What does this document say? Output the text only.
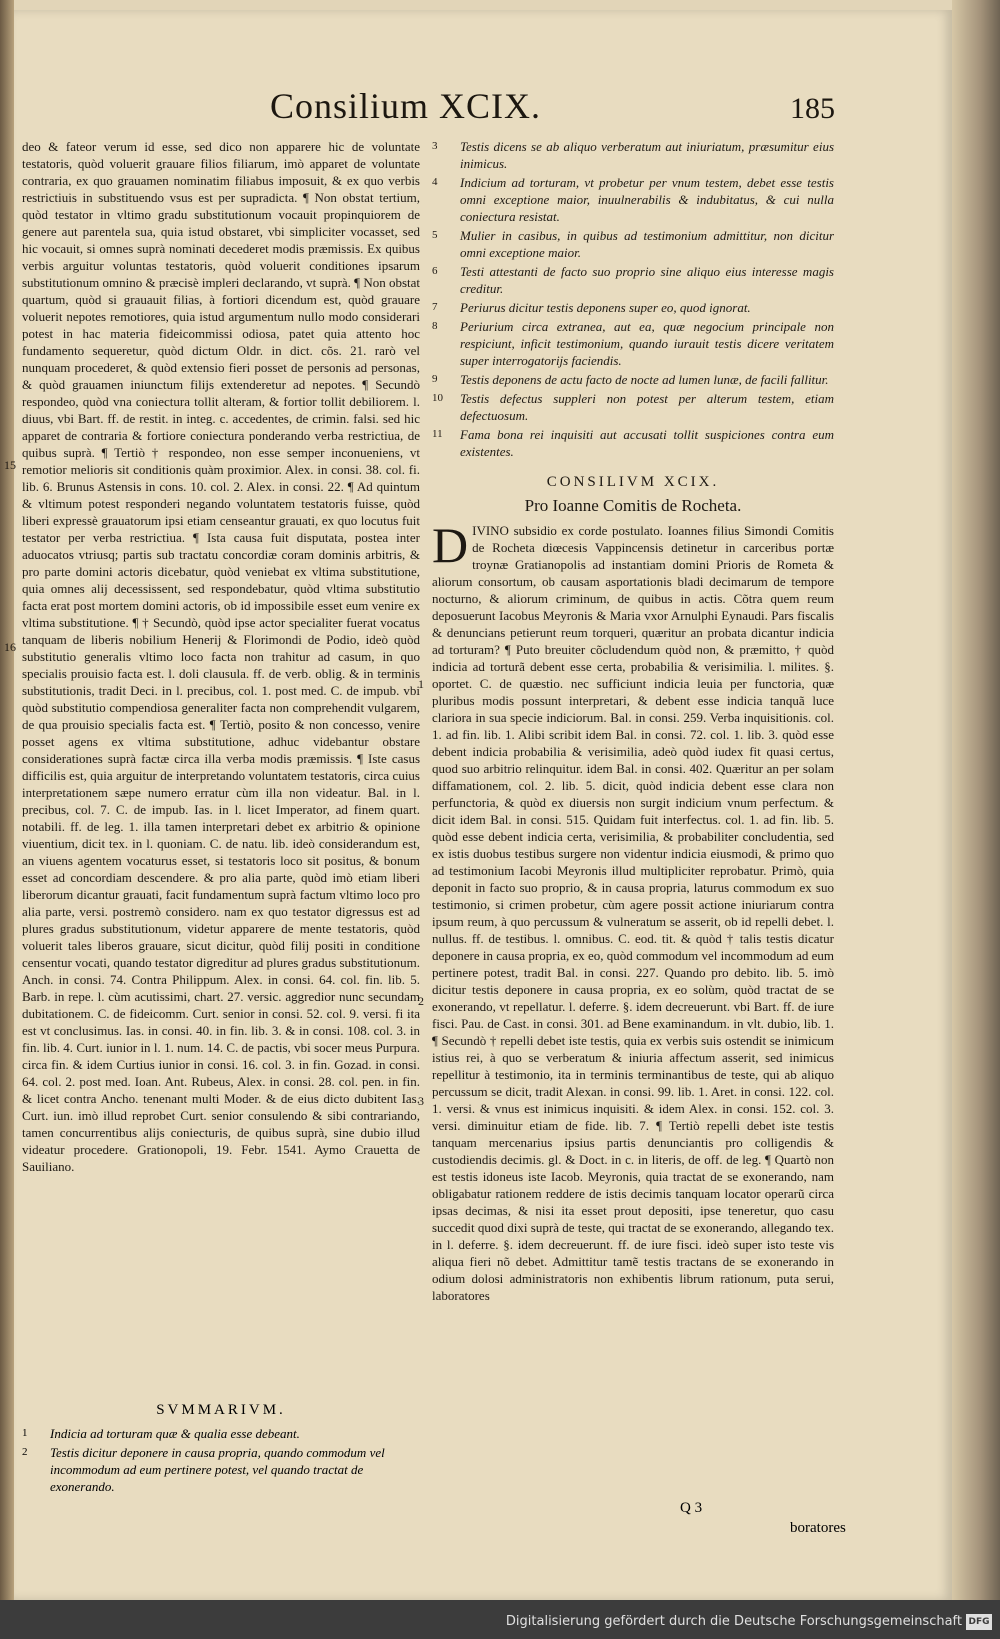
Consilium XCIX.	185

deo & fateor verum id esse, sed dico non apparere hic de voluntate testatoris, quòd voluerit grauare filios filiarum, imò apparet de voluntate contraria, ex quo grauamen nominatim filiabus imposuit, & ex quo verbis restrictiuis in substituendo vsus est per supradicta. ¶ Non obstat tertium, quòd testator in vltimo gradu substitutionum vocauit propinquiorem de genere aut parentela sua, quia istud obstaret, vbi simpliciter vocasset, sed hic vocauit, si omnes suprà nominati decederet modis præmissis. Ex quibus verbis arguitur voluntas testatoris, quòd voluerit conditiones ipsarum substitutionum omnino & præcisè impleri declarando, vt suprà. ¶ Non obstat quartum, quòd si grauauit filias, à fortiori dicendum est, quòd grauare voluerit nepotes remotiores, quia istud argumentum nullo modo considerari potest in hac materia fideicommissi odiosa, patet quia attento hoc fundamento sequeretur, quòd dictum Oldr. in dict. cõs. 21. rarò vel nunquam procederet, & quòd extensio fieri posset de personis ad personas, & quòd grauamen iniunctum filijs extenderetur ad nepotes. ¶ Secundò respondeo, quòd vna coniectura tollit alteram, & fortior tollit debiliorem. l. diuus, vbi Bart. ff. de restit. in integ. c. accedentes, de crimin. falsi. sed hic apparet de contraria & fortiore coniectura ponderando verba restrictiua, de quibus suprà. ¶ Tertiò † respondeo, non esse semper inconueniens, vt remotior melioris sit conditionis quàm proximior. Alex. in consi. 38. col. fi. lib. 6. Brunus Astensis in cons. 10. col. 2. Alex. in consi. 22. ¶ Ad quintum & vltimum potest responderi negando voluntatem testatoris fuisse, quòd liberi expressè grauatorum ipsi etiam censeantur grauati, ex quo locutus fuit testator per verba restrictiua. ¶ Ista causa fuit disputata, postea inter aduocatos vtriusq; partis sub tractatu concordiæ coram dominis arbitris, & pro parte domini actoris dicebatur, quòd veniebat ex vltima substitutione, quia omnes alij decessissent, sed respondebatur, quòd vltima substitutio facta erat post mortem domini actoris, ob id impossibile esset eum venire ex vltima substitutione. ¶ † Secundò, quòd ipse actor specialiter fuerat vocatus tanquam de liberis nobilium Henerij & Florimondi de Podio, ideò quòd substitutio generalis vltimo loco facta non trahitur ad casum, in quo specialis prouisio facta est. l. doli clausula. ff. de verb. oblig. & in terminis substitutionis, tradit Deci. in l. precibus, col. 1. post med. C. de impub. vbi quòd substitutio compendiosa generaliter facta non comprehendit vulgarem, de qua prouisio specialis facta est. ¶ Tertiò, posito & non concesso, venire posset agens ex vltima substitutione, adhuc videbantur obstare considerationes suprà factæ circa illa verba modis præmissis. ¶ Iste casus difficilis est, quia arguitur de interpretando voluntatem testatoris, circa cuius interpretationem sæpe numero erratur cùm illa non videatur. Bal. in l. precibus, col. 7. C. de impub. Ias. in l. licet Imperator, ad finem quart. notabili. ff. de leg. 1. illa tamen interpretari debet ex arbitrio & opinione viuentium, dicit tex. in l. quoniam. C. de natu. lib. ideò considerandum est, an viuens agentem vocaturus esset, si testatoris loco sit positus, & bonum esset ad concordiam descendere. & pro alia parte, quòd imò etiam liberi liberorum dicantur grauati, facit fundamentum suprà factum vltimo loco pro alia parte, versi. postremò considero. nam ex quo testator digressus est ad plures gradus substitutionum, videtur apparere de mente testatoris, quòd voluerit tales liberos grauare, sicut dicitur, quòd filij positi in conditione censentur vocati, quando testator digreditur ad plures gradus substitutionum. Anch. in consi. 74. Contra Philippum. Alex. in consi. 64. col. fin. lib. 5. Barb. in repe. l. cùm acutissimi, chart. 27. versic. aggredior nunc secundam dubitationem. C. de fideicomm. Curt. senior in consi. 52. col. 9. versi. fi ita est vt conclusimus. Ias. in consi. 40. in fin. lib. 3. & in consi. 108. col. 3. in fin. lib. 4. Curt. iunior in l. 1. num. 14. C. de pactis, vbi socer meus Purpura. circa fin. & idem Curtius iunior in consi. 16. col. 3. in fin. Gozad. in consi. 64. col. 2. post med. Ioan. Ant. Rubeus, Alex. in consi. 28. col. pen. in fin. & licet contra Ancho. tenenant multi Moder. & de eius dicto dubitent Ias. Curt. iun. imò illud reprobet Curt. senior consulendo & sibi contrariando, tamen concurrentibus alijs coniecturis, de quibus suprà, sine dubio illud videatur procedere. Grationopoli, 19. Febr. 1541. Aymo Crauetta de Sauiliano.

15
16
SVMMARIVM.
1	Indicia ad torturam quæ & qualia esse debeant.
2	Testis dicitur deponere in causa propria, quando commodum vel incommodum ad eum pertinere potest, vel quando tractat de exonerando.
3	Testis dicens se ab aliquo verberatum aut iniuriatum, præsumitur eius inimicus.
4	Indicium ad torturam, vt probetur per vnum testem, debet esse testis omni exceptione maior, inuulnerabilis & indubitatus, & cui nulla coniectura resistat.
5	Mulier in casibus, in quibus ad testimonium admittitur, non dicitur omni exceptione maior.
6	Testi attestanti de facto suo proprio sine aliquo eius interesse magis creditur.
7	Periurus dicitur testis deponens super eo, quod ignorat.
8	Periurium circa extranea, aut ea, quæ negocium principale non respiciunt, inficit testimonium, quando iurauit testis dicere veritatem super interrogatorijs faciendis.
9	Testis deponens de actu facto de nocte ad lumen lunæ, de facili fallitur.
10	Testis defectus suppleri non potest per alterum testem, etiam defectuosum.
11	Fama bona rei inquisiti aut accusati tollit suspiciones contra eum existentes.
CONSILIVM XCIX.
Pro Ioanne Comitis de Rocheta.

DIVINO subsidio ex corde postulato. Ioannes filius Simondi Comitis de Rocheta diœcesis Vappincensis detinetur in carceribus portæ troynæ Gratianopolis ad instantiam domini Prioris de Rometa & aliorum consortum, ob causam asportationis bladi decimarum de tempore nocturno, & aliorum criminum, de quibus in actis. Cõtra quem reum deposuerunt Iacobus Meyronis & Maria vxor Arnulphi Eynaudi. Pars fiscalis & denuncians petierunt reum torqueri, quæritur an probata dicantur indicia ad torturam? ¶ Puto breuiter cõcludendum quòd non, & præmitto, † quòd indicia ad torturã debent esse certa, probabilia & verisimilia. l. milites. §. oportet. C. de quæstio. nec sufficiunt indicia leuia per functoria, quæ pluribus modis possunt interpretari, & debent esse indicia tanquã luce clariora in sua specie indiciorum. Bal. in consi. 259. Verba inquisitionis. col. 1. ad fin. lib. 1. Alibi scribit idem Bal. in consi. 72. col. 1. lib. 3. quòd esse debent indicia probabilia & verisimilia, adeò quòd iudex fit quasi certus, quod suo arbitrio relinquitur. idem Bal. in consi. 402. Quæritur an per solam diffamationem, col. 2. lib. 5. dicit, quòd indicia debent esse clara non perfunctoria, & quòd ex diuersis non surgit indicium vnum perfectum. & dicit idem Bal. in consi. 515. Quidam fuit interfectus. col. 1. ad fin. lib. 5. quòd esse debent indicia certa, verisimilia, & probabiliter concludentia, sed ex istis duobus testibus surgere non videntur indicia eiusmodi, & primo quo ad testimonium Iacobi Meyronis illud multipliciter reprobatur. Primò, quia deponit in facto suo proprio, & in causa propria, laturus commodum ex suo testimonio, si crimen probetur, cùm agere possit actione iniuriarum contra ipsum reum, à quo percussum & vulneratum se asserit, ob id repelli debet. l. nullus. ff. de testibus. l. omnibus. C. eod. tit. & quòd † talis testis dicatur deponere in causa propria, ex eo, quòd commodum vel incommodum ad eum pertinere potest, tradit Bal. in consi. 227. Quando pro debito. lib. 5. imò dicitur testis deponere in causa propria, ex eo solùm, quòd tractat de se exonerando, vt repellatur. l. deferre. §. idem decreuerunt. vbi Bart. ff. de iure fisci. Pau. de Cast. in consi. 301. ad Bene examinandum. in vlt. dubio, lib. 1. ¶ Secundò † repelli debet iste testis, quia ex verbis suis ostendit se inimicum istius rei, à quo se verberatum & iniuria affectum asserit, sed inimicus repellitur à testimonio, ita in terminis terminantibus de teste, qui ab aliquo percussum se dicit, tradit Alexan. in consi. 99. lib. 1. Aret. in consi. 122. col. 1. versi. & vnus est inimicus inquisiti. & idem Alex. in consi. 152. col. 3. versi. diminuitur etiam de fide. lib. 7. ¶ Tertiò repelli debet iste testis tanquam mercenarius ipsius partis denunciantis pro colligendis & custodiendis decimis. gl. & Doct. in c. in literis, de off. de leg. ¶ Quartò non est testis idoneus iste Iacob. Meyronis, quia tractat de se exonerando, nam obligabatur rationem reddere de istis decimis tanquam locator operarũ circa ipsas decimas, & nisi ita esset prout depositi, ipse teneretur, quo casu succedit quod dixi suprà de teste, qui tractat de se exonerando, allegando tex. in l. deferre. §. idem decreuerunt. ff. de iure fisci. ideò super isto teste vis aliqua fieri nõ debet. Admittitur tamẽ testis tractans de se exonerando in odium dolosi administratoris non exhibentis librum rationum, puta serui, laboratores

1
2
3
Q 3
boratores
Digitalisierung gefördert durch die Deutsche Forschungsgemeinschaft DFG
